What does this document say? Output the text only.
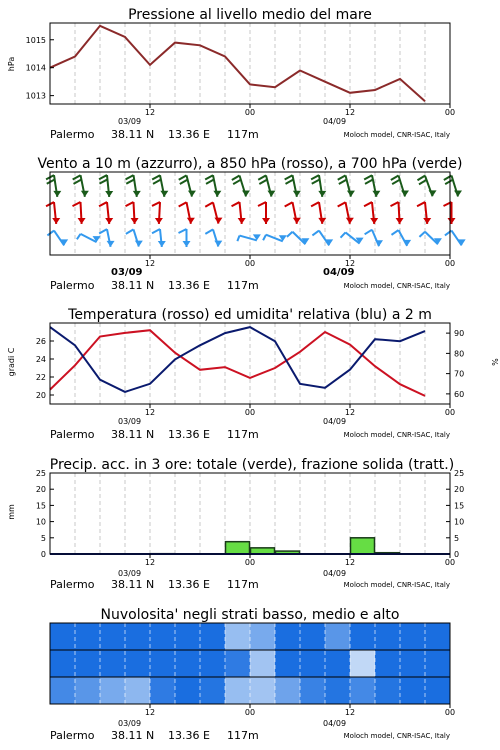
Pressione al livello medio del mare
Vento a 10 m (azzurro), a 850 hPa (rosso), a 700 hPa (verde)
Temperatura (rosso) ed umidita' relativa (blu) a 2 m
Precip. acc. in 3 ore: totale (verde), frazione solida (tratt.)
Nuvolosita' negli strati basso, medio e alto
hPa
gradi C	%
mm
1013
1014
1015
12	00	12	00
03/09	04/09
Palermo 38.11 N 13.36 E 117m	Moloch model, CNR-ISAC, Italy
12	00	12	00
03/09	04/09
Palermo 38.11 N 13.36 E 117m	Moloch model, CNR-ISAC, Italy
20
22
24
26
60
70
80
90
12	00	12	00
03/09	04/09
Palermo 38.11 N 13.36 E 117m	Moloch model, CNR-ISAC, Italy
0
5
10
15
20
25
0
5
10
15
20
25
12	00	12	00
03/09	04/09
Palermo 38.11 N 13.36 E 117m	Moloch model, CNR-ISAC, Italy
12	00	12	00
03/09	04/09
Palermo 38.11 N 13.36 E 117m	Moloch model, CNR-ISAC, Italy
